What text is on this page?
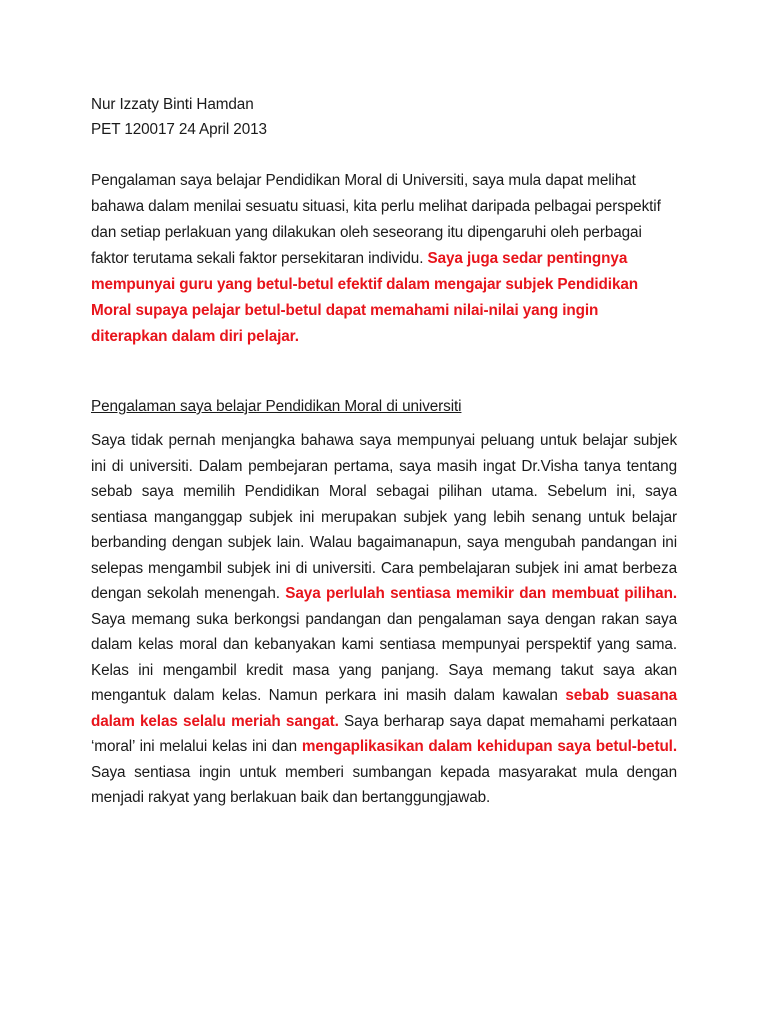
Nur Izzaty Binti Hamdan
PET 120017 24 April 2013

Pengalaman saya belajar Pendidikan Moral di Universiti, saya mula dapat melihat bahawa dalam menilai sesuatu situasi, kita perlu melihat daripada pelbagai perspektif dan setiap perlakuan yang dilakukan oleh seseorang itu dipengaruhi oleh perbagai faktor terutama sekali faktor persekitaran individu. Saya juga sedar pentingnya mempunyai guru yang betul-betul efektif dalam mengajar subjek Pendidikan Moral supaya pelajar betul-betul dapat memahami nilai-nilai yang ingin diterapkan dalam diri pelajar.

Pengalaman saya belajar Pendidikan Moral di universiti

Saya tidak pernah menjangka bahawa saya mempunyai peluang untuk belajar subjek ini di universiti. Dalam pembejaran pertama, saya masih ingat Dr.Visha tanya tentang sebab saya memilih Pendidikan Moral sebagai pilihan utama. Sebelum ini, saya sentiasa manganggap subjek ini merupakan subjek yang lebih senang untuk belajar berbanding dengan subjek lain. Walau bagaimanapun, saya mengubah pandangan ini selepas mengambil subjek ini di universiti. Cara pembelajaran subjek ini amat berbeza dengan sekolah menengah. Saya perlulah sentiasa memikir dan membuat pilihan. Saya memang suka berkongsi pandangan dan pengalaman saya dengan rakan saya dalam kelas moral dan kebanyakan kami sentiasa mempunyai perspektif yang sama. Kelas ini mengambil kredit masa yang panjang. Saya memang takut saya akan mengantuk dalam kelas. Namun perkara ini masih dalam kawalan sebab suasana dalam kelas selalu meriah sangat. Saya berharap saya dapat memahami perkataan ‘moral’ ini melalui kelas ini dan mengaplikasikan dalam kehidupan saya betul-betul. Saya sentiasa ingin untuk memberi sumbangan kepada masyarakat mula dengan menjadi rakyat yang berlakuan baik dan bertanggungjawab.
